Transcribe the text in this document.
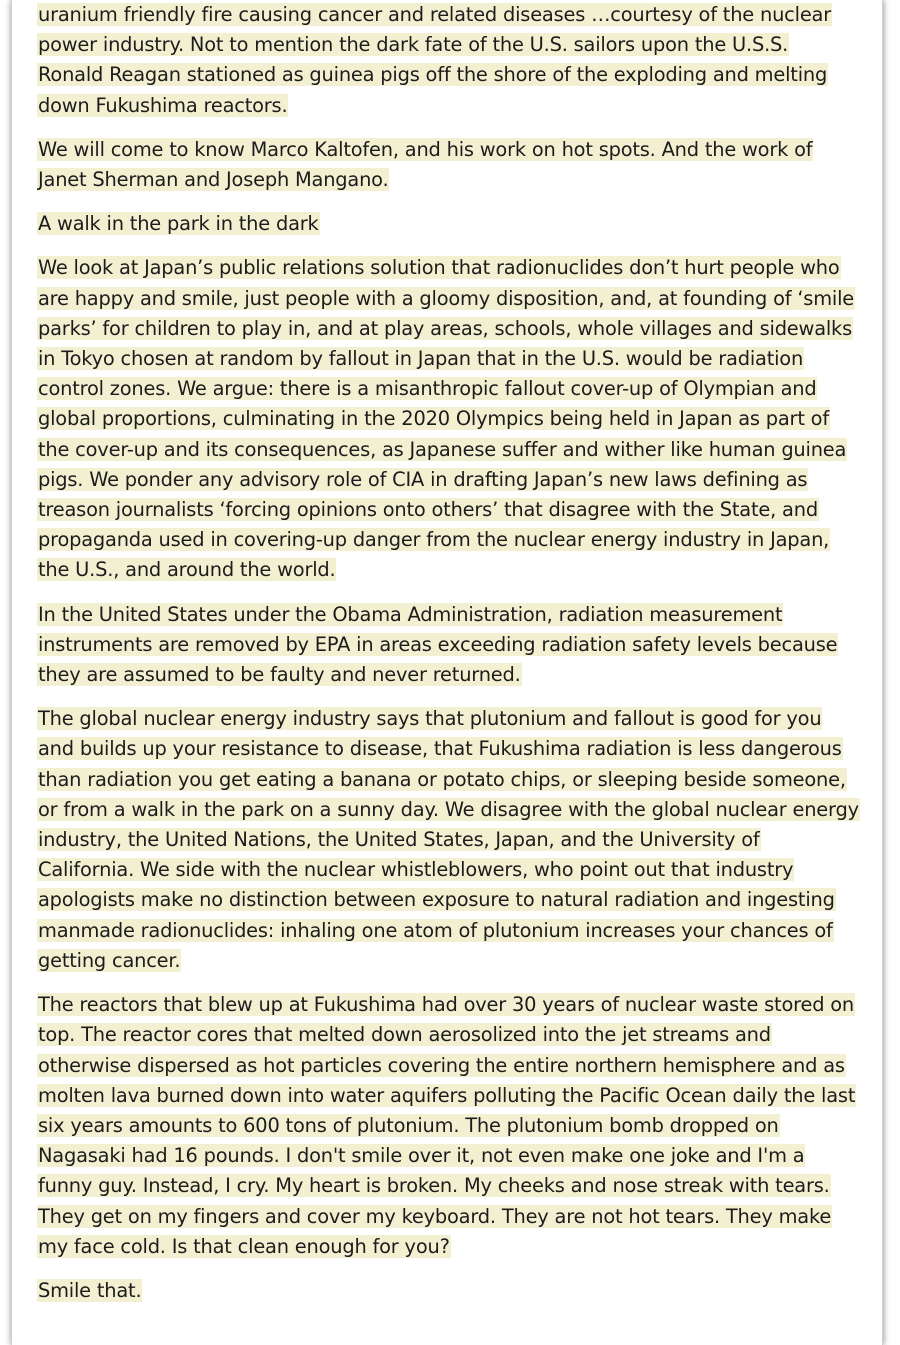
uranium friendly fire causing cancer and related diseases …courtesy of the nuclear power industry. Not to mention the dark fate of the U.S. sailors upon the U.S.S. Ronald Reagan stationed as guinea pigs off the shore of the exploding and melting down Fukushima reactors.

We will come to know Marco Kaltofen, and his work on hot spots. And the work of Janet Sherman and Joseph Mangano.

A walk in the park in the dark

We look at Japan’s public relations solution that radionuclides don’t hurt people who are happy and smile, just people with a gloomy disposition, and, at founding of ‘smile parks’ for children to play in, and at play areas, schools, whole villages and sidewalks in Tokyo chosen at random by fallout in Japan that in the U.S. would be radiation control zones. We argue: there is a misanthropic fallout cover-up of Olympian and global proportions, culminating in the 2020 Olympics being held in Japan as part of the cover-up and its consequences, as Japanese suffer and wither like human guinea pigs. We ponder any advisory role of CIA in drafting Japan’s new laws defining as treason journalists ‘forcing opinions onto others’ that disagree with the State, and propaganda used in covering-up danger from the nuclear energy industry in Japan, the U.S., and around the world.

In the United States under the Obama Administration, radiation measurement instruments are removed by EPA in areas exceeding radiation safety levels because they are assumed to be faulty and never returned.

The global nuclear energy industry says that plutonium and fallout is good for you and builds up your resistance to disease, that Fukushima radiation is less dangerous than radiation you get eating a banana or potato chips, or sleeping beside someone, or from a walk in the park on a sunny day. We disagree with the global nuclear energy industry, the United Nations, the United States, Japan, and the University of California. We side with the nuclear whistleblowers, who point out that industry apologists make no distinction between exposure to natural radiation and ingesting manmade radionuclides: inhaling one atom of plutonium increases your chances of getting cancer.

The reactors that blew up at Fukushima had over 30 years of nuclear waste stored on top. The reactor cores that melted down aerosolized into the jet streams and otherwise dispersed as hot particles covering the entire northern hemisphere and as molten lava burned down into water aquifers polluting the Pacific Ocean daily the last six years amounts to 600 tons of plutonium. The plutonium bomb dropped on Nagasaki had 16 pounds. I don't smile over it, not even make one joke and I'm a funny guy. Instead, I cry. My heart is broken. My cheeks and nose streak with tears. They get on my fingers and cover my keyboard. They are not hot tears. They make my face cold. Is that clean enough for you?

Smile that.
